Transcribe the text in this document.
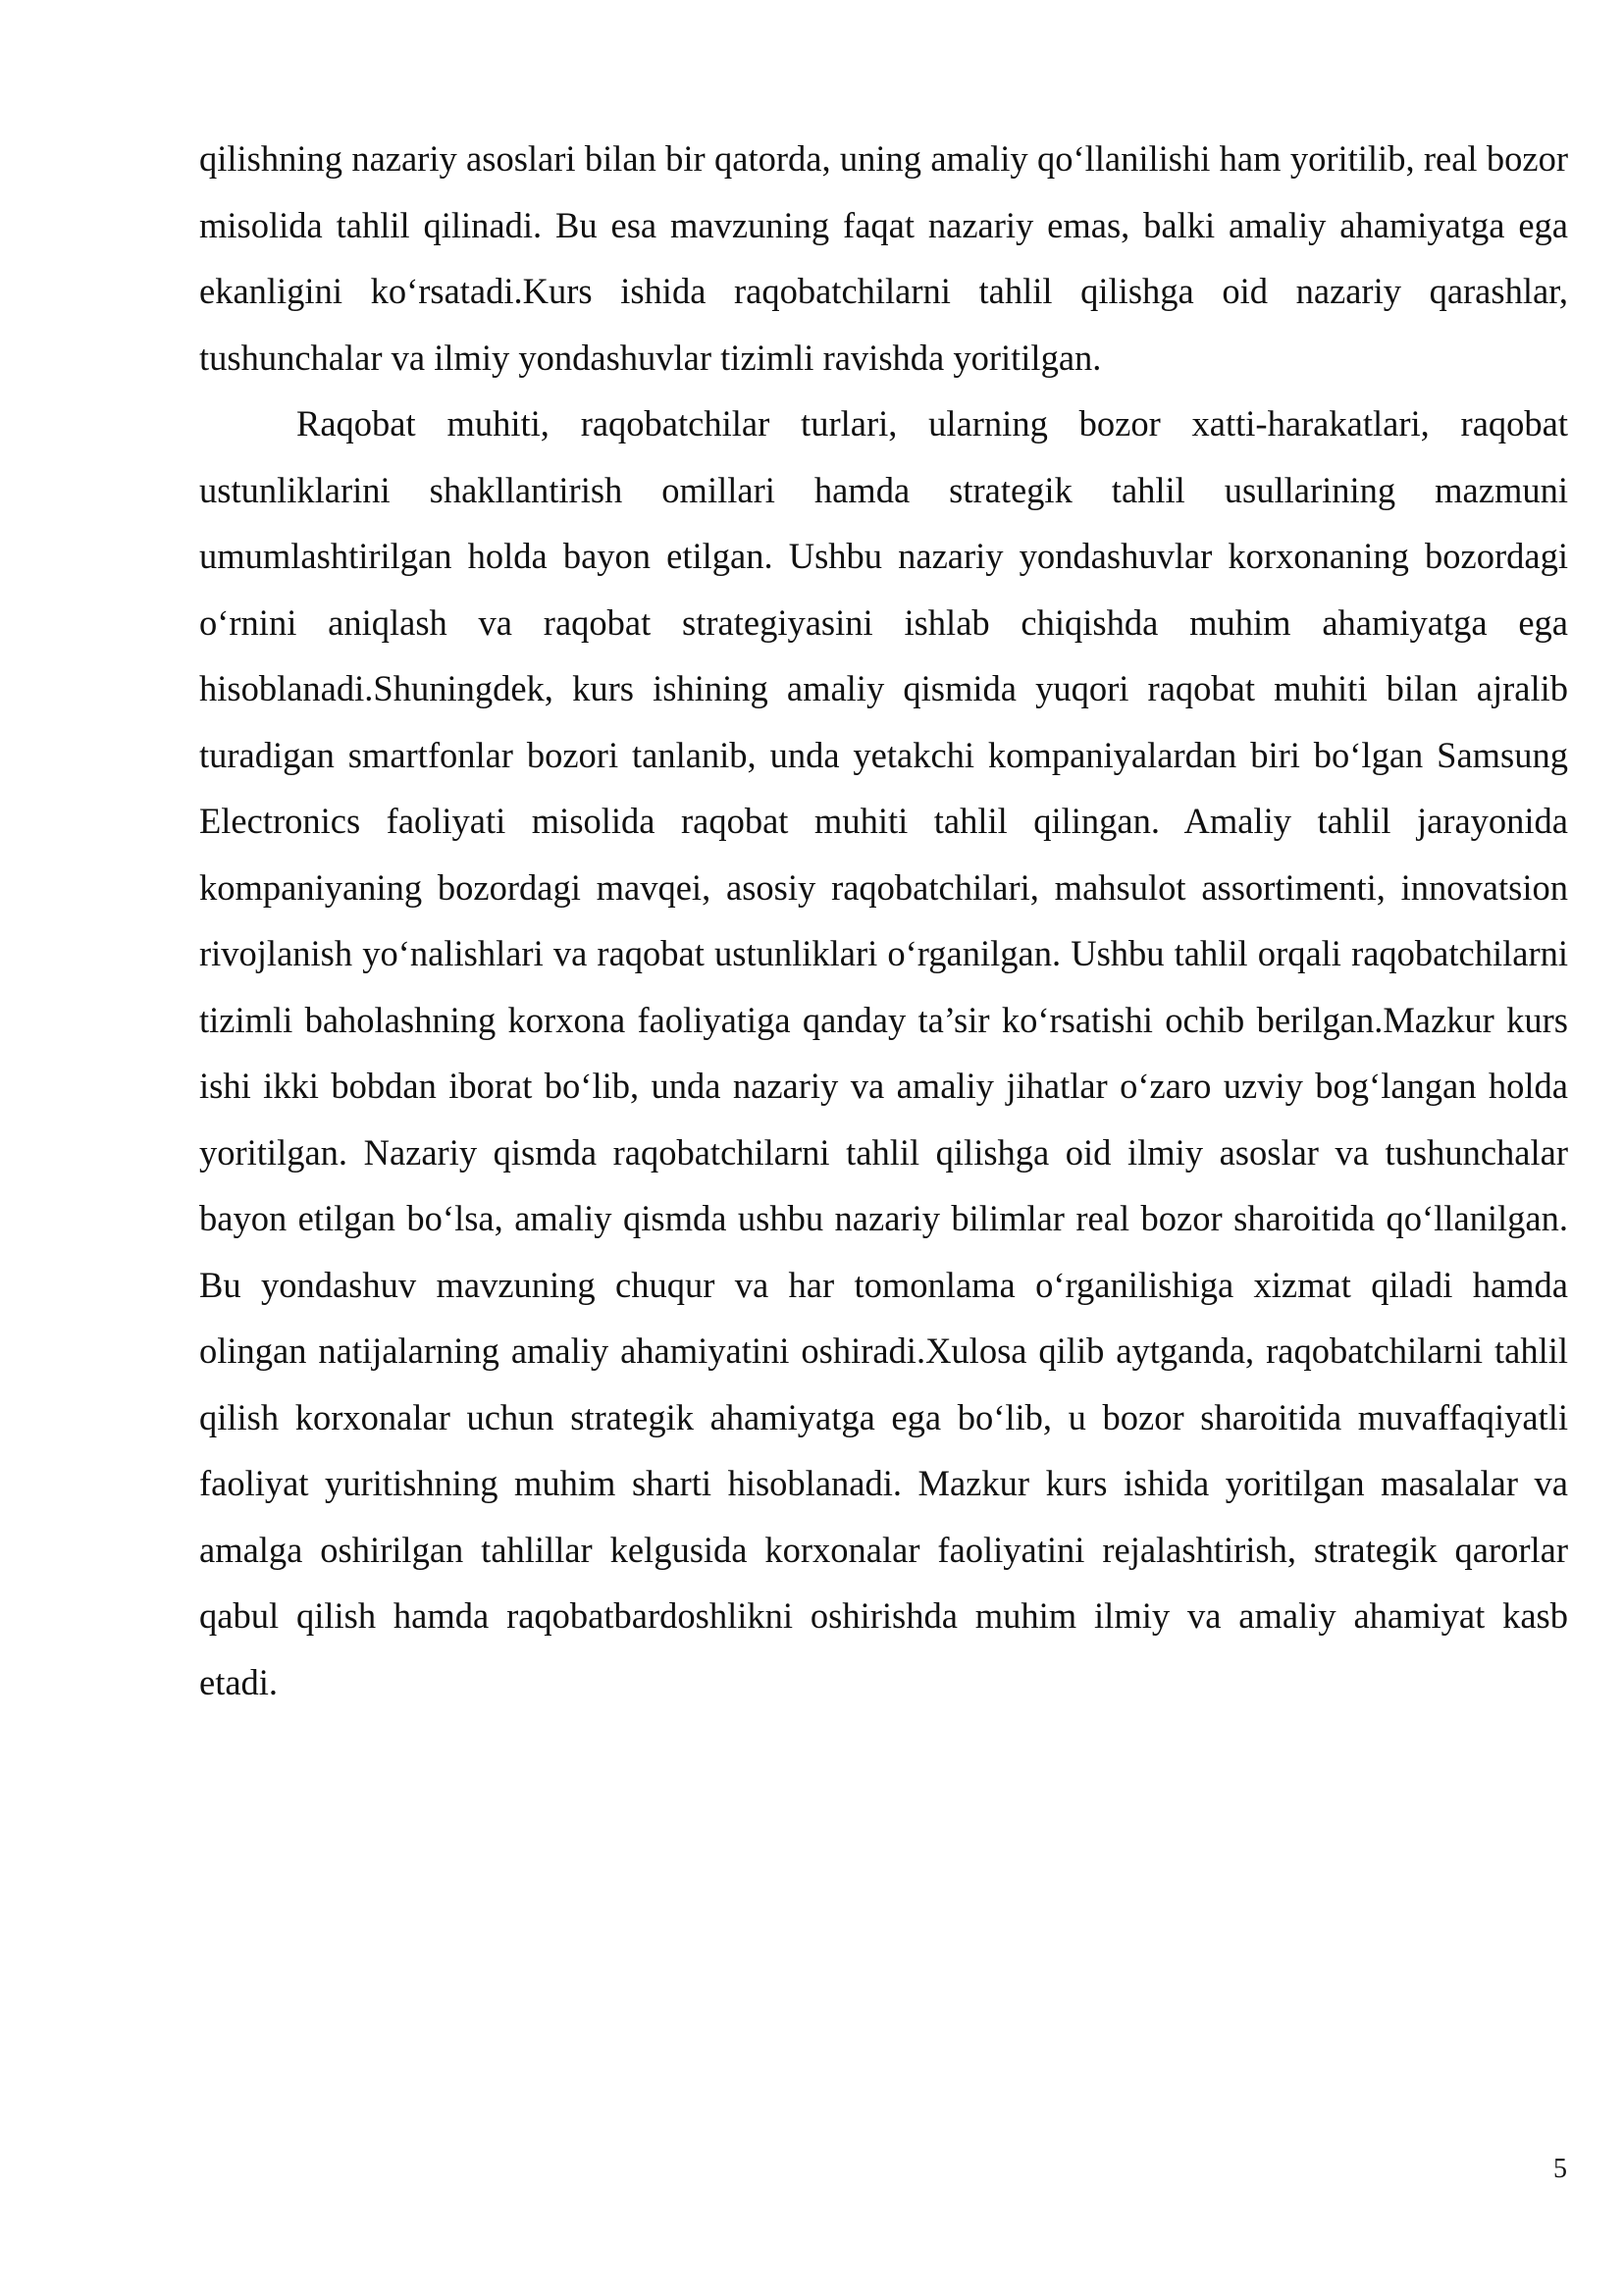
qilishning nazariy asoslari bilan bir qatorda, uning amaliy qo‘llanilishi ham yoritilib, real bozor misolida tahlil qilinadi. Bu esa mavzuning faqat nazariy emas, balki amaliy ahamiyatga ega ekanligini ko‘rsatadi.Kurs ishida raqobatchilarni tahlil qilishga oid nazariy qarashlar, tushunchalar va ilmiy yondashuvlar tizimli ravishda yoritilgan.

Raqobat muhiti, raqobatchilar turlari, ularning bozor xatti-harakatlari, raqobat ustunliklarini shakllantirish omillari hamda strategik tahlil usullarining mazmuni umumlashtirilgan holda bayon etilgan. Ushbu nazariy yondashuvlar korxonaning bozordagi o‘rnini aniqlash va raqobat strategiyasini ishlab chiqishda muhim ahamiyatga ega hisoblanadi.Shuningdek, kurs ishining amaliy qismida yuqori raqobat muhiti bilan ajralib turadigan smartfonlar bozori tanlanib, unda yetakchi kompaniyalardan biri bo‘lgan Samsung Electronics faoliyati misolida raqobat muhiti tahlil qilingan. Amaliy tahlil jarayonida kompaniyaning bozordagi mavqei, asosiy raqobatchilari, mahsulot assortimenti, innovatsion rivojlanish yo‘nalishlari va raqobat ustunliklari o‘rganilgan. Ushbu tahlil orqali raqobatchilarni tizimli baholashning korxona faoliyatiga qanday ta’sir ko‘rsatishi ochib berilgan.Mazkur kurs ishi ikki bobdan iborat bo‘lib, unda nazariy va amaliy jihatlar o‘zaro uzviy bog‘langan holda yoritilgan. Nazariy qismda raqobatchilarni tahlil qilishga oid ilmiy asoslar va tushunchalar bayon etilgan bo‘lsa, amaliy qismda ushbu nazariy bilimlar real bozor sharoitida qo‘llanilgan. Bu yondashuv mavzuning chuqur va har tomonlama o‘rganilishiga xizmat qiladi hamda olingan natijalarning amaliy ahamiyatini oshiradi.Xulosa qilib aytganda, raqobatchilarni tahlil qilish korxonalar uchun strategik ahamiyatga ega bo‘lib, u bozor sharoitida muvaffaqiyatli faoliyat yuritishning muhim sharti hisoblanadi. Mazkur kurs ishida yoritilgan masalalar va amalga oshirilgan tahlillar kelgusida korxonalar faoliyatini rejalashtirish, strategik qarorlar qabul qilish hamda raqobatbardoshlikni oshirishda muhim ilmiy va amaliy ahamiyat kasb etadi.

5
